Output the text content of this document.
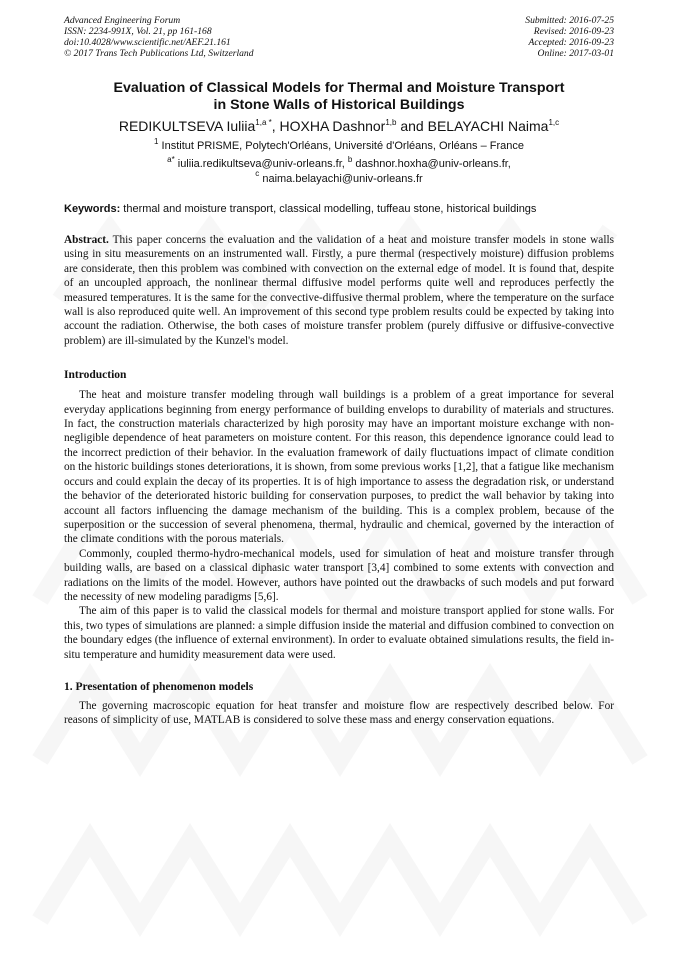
Advanced Engineering Forum
ISSN: 2234-991X, Vol. 21, pp 161-168
doi:10.4028/www.scientific.net/AEF.21.161
© 2017 Trans Tech Publications Ltd, Switzerland
Submitted: 2016-07-25
Revised: 2016-09-23
Accepted: 2016-09-23
Online: 2017-03-01
Evaluation of Classical Models for Thermal and Moisture Transport
in Stone Walls of Historical Buildings
REDIKULTSEVA Iuliia$^{1,a *}$, HOXHA Dashnor$^{1,b}$ and BELAYACHI Naima$^{1,c}$
$^1$ Institut PRISME, Polytech'Orléans, Université d'Orléans, Orléans – France
$^{a*}$ iuliia.redikultseva@univ-orleans.fr, $^b$ dashnor.hoxha@univ-orleans.fr,
$^c$ naima.belayachi@univ-orleans.fr
Keywords: thermal and moisture transport, classical modelling, tuffeau stone, historical buildings
Abstract. This paper concerns the evaluation and the validation of a heat and moisture transfer models in stone walls using in situ measurements on an instrumented wall. Firstly, a pure thermal (respectively moisture) diffusion problems are considerate, then this problem was combined with convection on the external edge of model. It is found that, despite of an uncoupled approach, the nonlinear thermal diffusive model performs quite well and reproduces perfectly the measured temperatures. It is the same for the convective-diffusive thermal problem, where the temperature on the surface wall is also reproduced quite well. An improvement of this second type problem results could be expected by taking into account the radiation. Otherwise, the both cases of moisture transfer problem (purely diffusive or diffusive-convective problem) are ill-simulated by the Kunzel's model.
Introduction

The heat and moisture transfer modeling through wall buildings is a problem of a great importance for several everyday applications beginning from energy performance of building envelops to durability of materials and structures. In fact, the construction materials characterized by high porosity may have an important moisture exchange with non-negligible dependence of heat parameters on moisture content. For this reason, this dependence ignorance could lead to the incorrect prediction of their behavior. In the evaluation framework of daily fluctuations impact of climate condition on the historic buildings stones deteriorations, it is shown, from some previous works [1,2], that a fatigue like mechanism occurs and could explain the decay of its properties. It is of high importance to assess the degradation risk, or understand the behavior of the deteriorated historic building for conservation purposes, to predict the wall behavior by taking into account all factors influencing the damage mechanism of the building. This is a complex problem, because of the superposition or the succession of several phenomena, thermal, hydraulic and chemical, governed by the interaction of the climate conditions with the porous materials.

Commonly, coupled thermo-hydro-mechanical models, used for simulation of heat and moisture transfer through building walls, are based on a classical diphasic water transport [3,4] combined to some extents with convection and radiations on the limits of the model. However, authors have pointed out the drawbacks of such models and put forward the necessity of new modeling paradigms [5,6].

The aim of this paper is to valid the classical models for thermal and moisture transport applied for stone walls. For this, two types of simulations are planned: a simple diffusion inside the material and diffusion combined to convection on the boundary edges (the influence of external environment). In order to evaluate obtained simulations results, the field in-situ temperature and humidity measurement data were used.

1. Presentation of phenomenon models

The governing macroscopic equation for heat transfer and moisture flow are respectively described below. For reasons of simplicity of use, MATLAB is considered to solve these mass and energy conservation equations.
